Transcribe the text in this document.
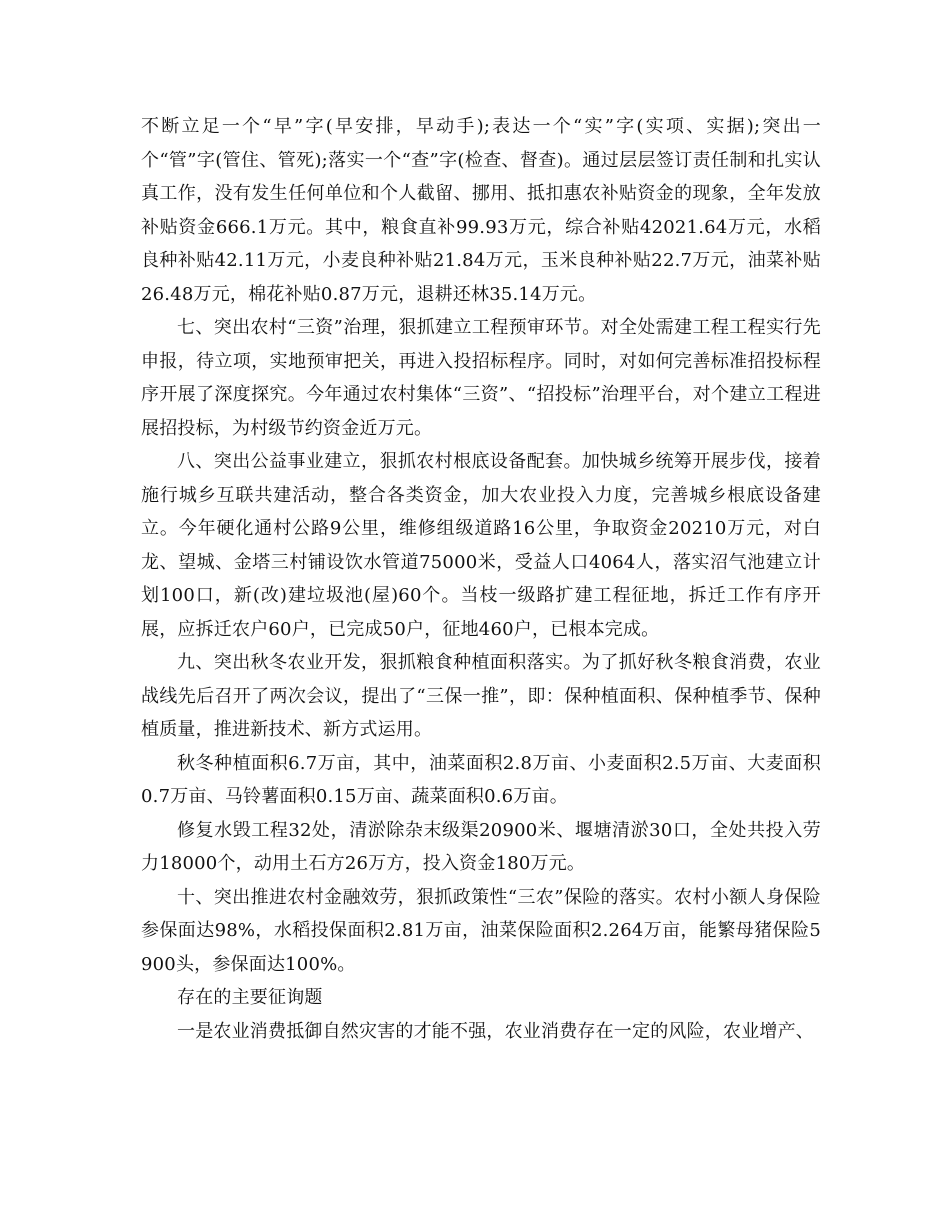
不断立足一个“早”字(早安排，早动手);表达一个“实”字(实项、实据);突出一个“管”字(管住、管死);落实一个“查”字(检查、督查)。通过层层签订责任制和扎实认真工作，没有发生任何单位和个人截留、挪用、抵扣惠农补贴资金的现象，全年发放补贴资金666.1万元。其中，粮食直补99.93万元，综合补贴42021.64万元，水稻良种补贴42.11万元，小麦良种补贴21.84万元，玉米良种补贴22.7万元，油菜补贴26.48万元，棉花补贴0.87万元，退耕还林35.14万元。

七、突出农村“三资”治理，狠抓建立工程预审环节。对全处需建工程工程实行先申报，待立项，实地预审把关，再进入投招标程序。同时，对如何完善标准招投标程序开展了深度探究。今年通过农村集体“三资”、“招投标”治理平台，对个建立工程进展招投标，为村级节约资金近万元。

八、突出公益事业建立，狠抓农村根底设备配套。加快城乡统筹开展步伐，接着施行城乡互联共建活动，整合各类资金，加大农业投入力度，完善城乡根底设备建立。今年硬化通村公路9公里，维修组级道路16公里，争取资金20210万元，对白龙、望城、金塔三村铺设饮水管道75000米，受益人口4064人，落实沼气池建立计划100口，新(改)建垃圾池(屋)60个。当枝一级路扩建工程征地，拆迁工作有序开展，应拆迁农户60户，已完成50户，征地460户，已根本完成。

九、突出秋冬农业开发，狠抓粮食种植面积落实。为了抓好秋冬粮食消费，农业战线先后召开了两次会议，提出了“三保一推”，即：保种植面积、保种植季节、保种植质量，推进新技术、新方式运用。

秋冬种植面积6.7万亩，其中，油菜面积2.8万亩、小麦面积2.5万亩、大麦面积0.7万亩、马铃薯面积0.15万亩、蔬菜面积0.6万亩。

修复水毁工程32处，清淤除杂末级渠20900米、堰塘清淤30口，全处共投入劳力18000个，动用土石方26万方，投入资金180万元。

十、突出推进农村金融效劳，狠抓政策性“三农”保险的落实。农村小额人身保险参保面达98%，水稻投保面积2.81万亩，油菜保险面积2.264万亩，能繁母猪保险5900头，参保面达100%。

存在的主要征询题

一是农业消费抵御自然灾害的才能不强，农业消费存在一定的风险，农业增产、
